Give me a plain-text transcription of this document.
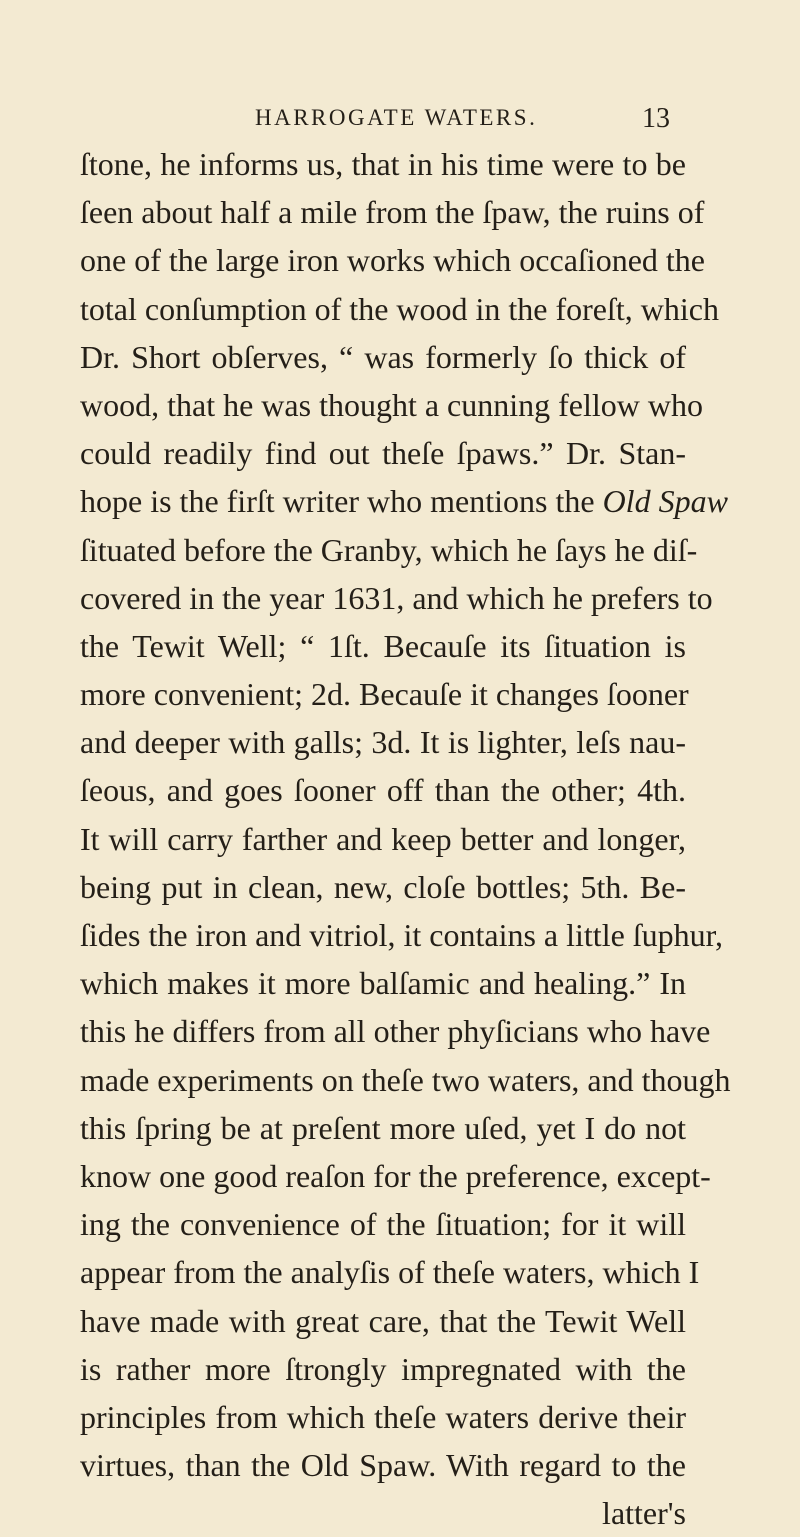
HARROGATE WATERS.	13
ſtone, he informs us, that in his time were to be
ſeen about half a mile from the ſpaw, the ruins of
one of the large iron works which occaſioned the
total conſumption of the wood in the foreſt, which
Dr. Short obſerves, “ was formerly ſo thick of
wood, that he was thought a cunning fellow who
could readily find out theſe ſpaws.” Dr. Stan-
hope is the firſt writer who mentions the Old Spaw
ſituated before the Granby, which he ſays he diſ-
covered in the year 1631, and which he prefers to
the Tewit Well; “ 1ſt. Becauſe its ſituation is
more convenient; 2d. Becauſe it changes ſooner
and deeper with galls; 3d. It is lighter, leſs nau-
ſeous, and goes ſooner off than the other; 4th.
It will carry farther and keep better and longer,
being put in clean, new, cloſe bottles; 5th. Be-
ſides the iron and vitriol, it contains a little ſuphur,
which makes it more balſamic and healing.” In
this he differs from all other phyſicians who have
made experiments on theſe two waters, and though
this ſpring be at preſent more uſed, yet I do not
know one good reaſon for the preference, except-
ing the convenience of the ſituation; for it will
appear from the analyſis of theſe waters, which I
have made with great care, that the Tewit Well
is rather more ſtrongly impregnated with the
principles from which theſe waters derive their
virtues, than the Old Spaw. With regard to the
latter's
